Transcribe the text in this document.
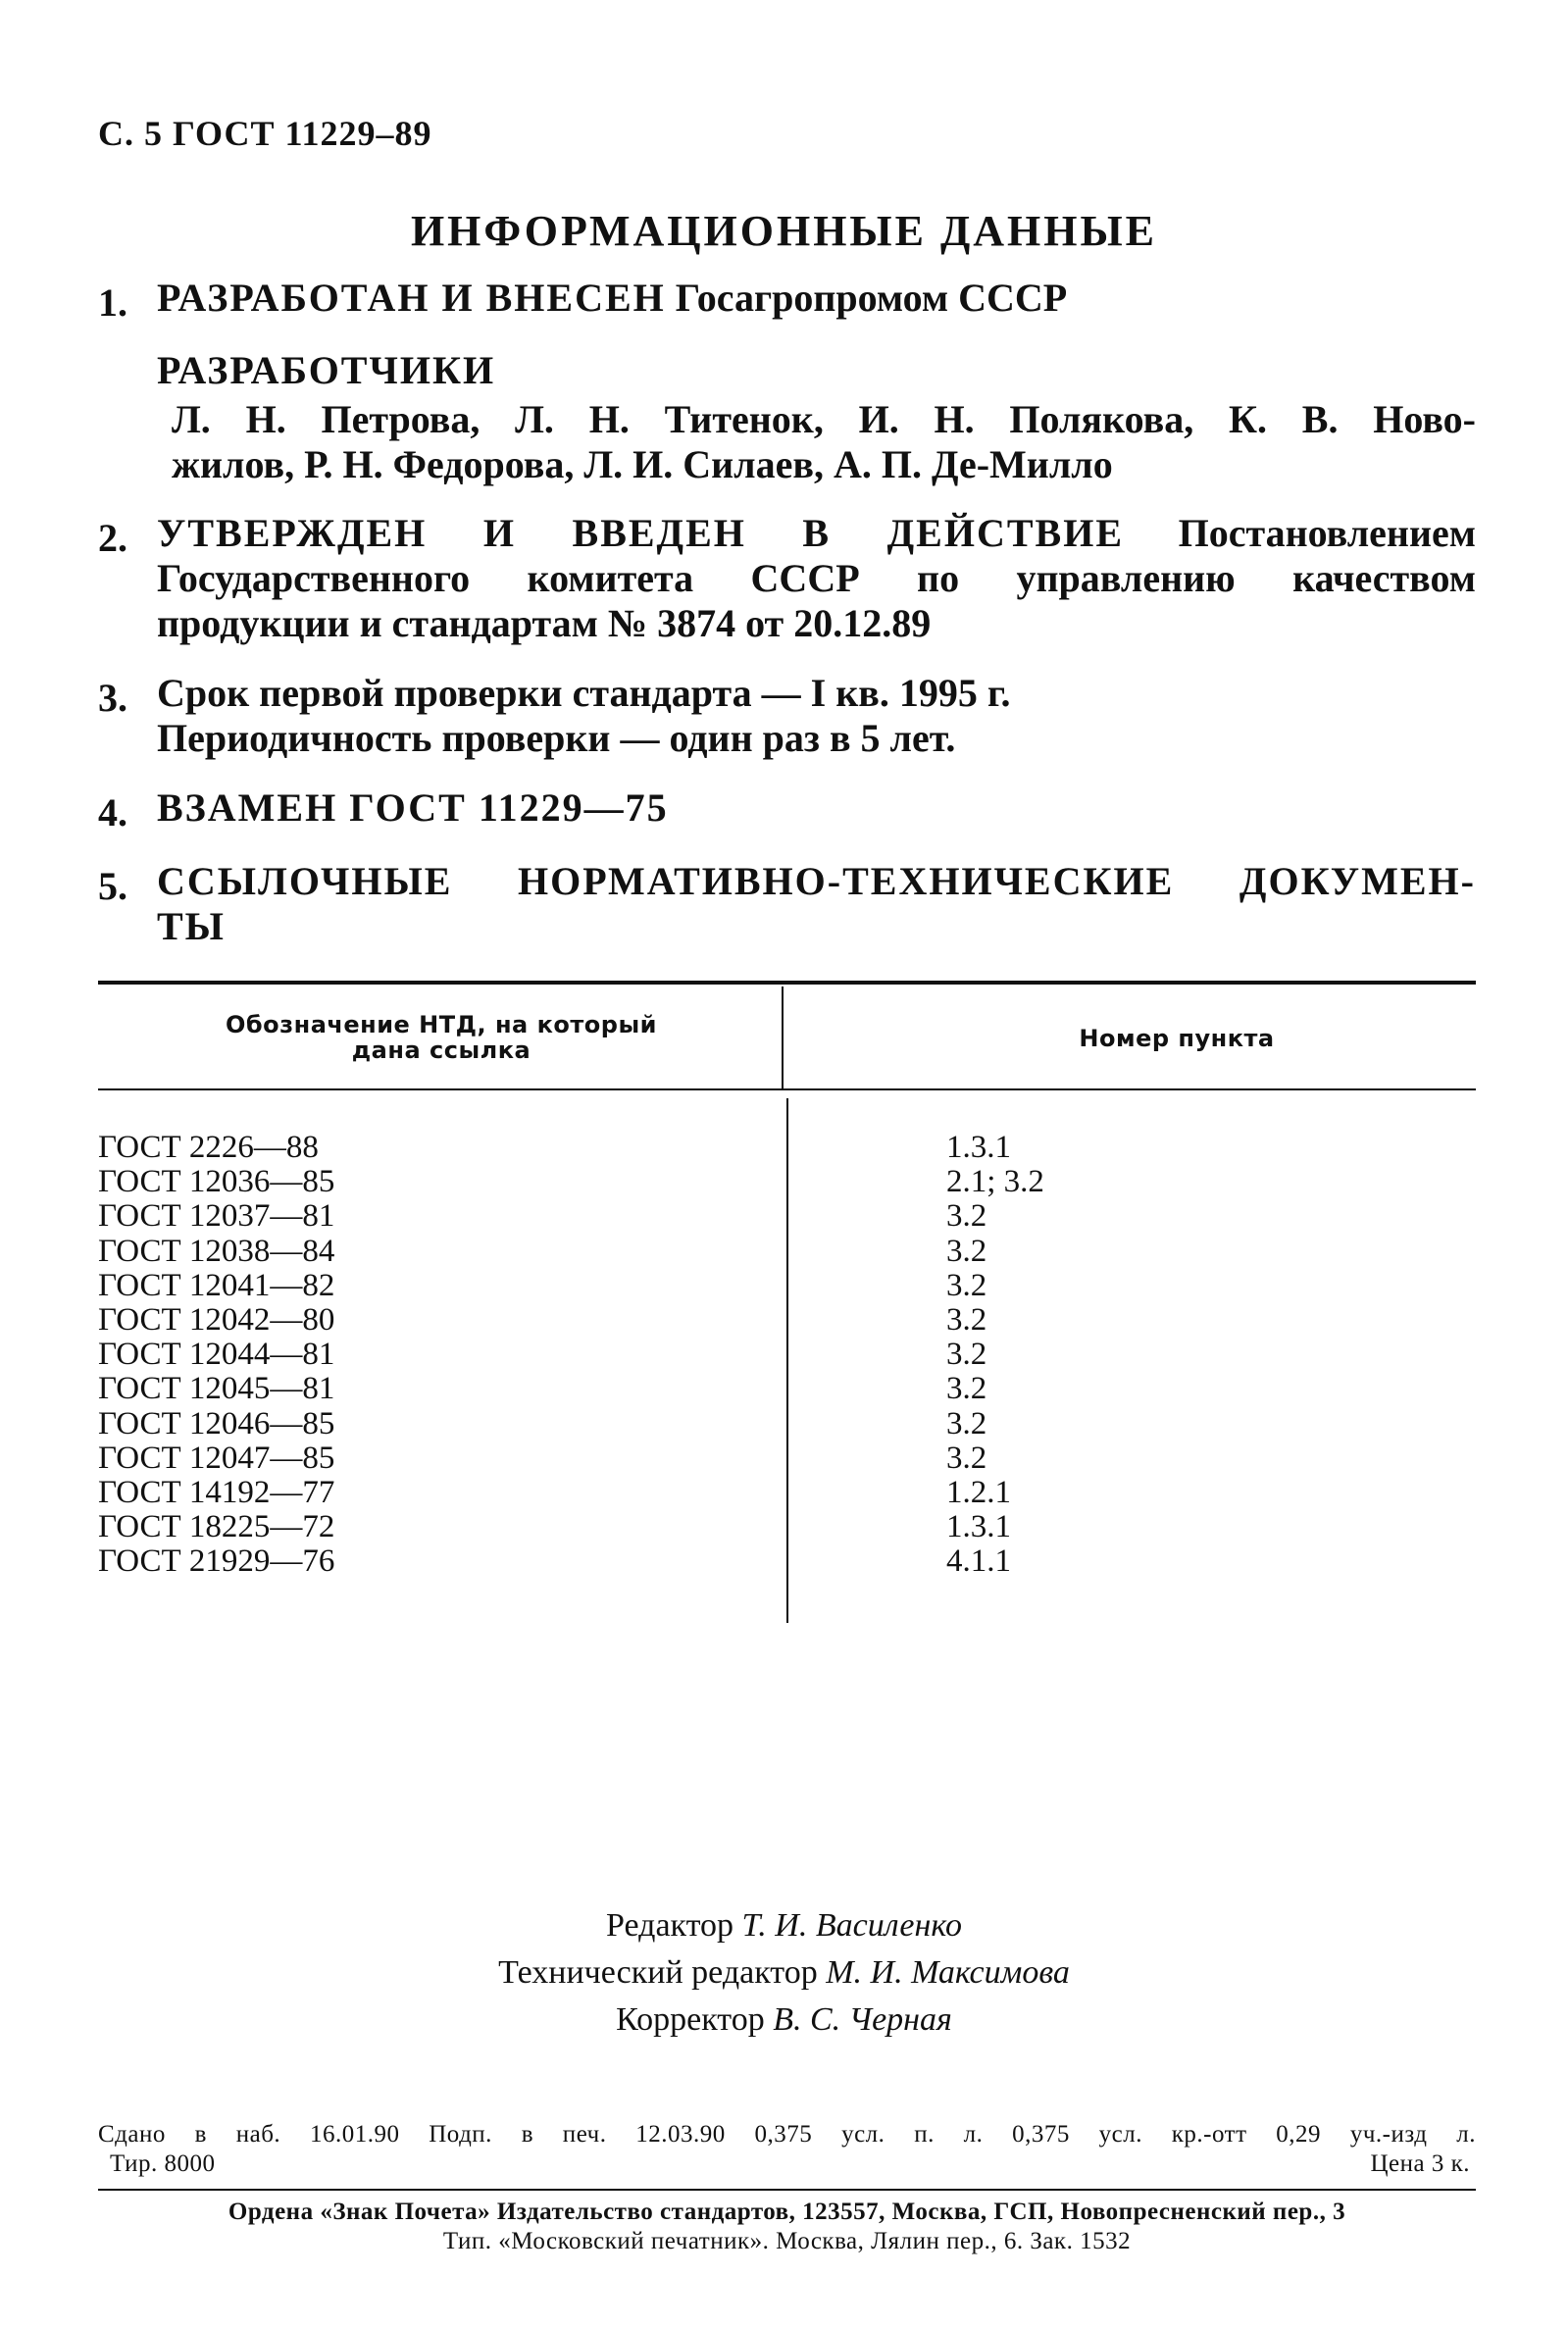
С. 5 ГОСТ 11229–89
ИНФОРМАЦИОННЫЕ ДАННЫЕ
1. РАЗРАБОТАН И ВНЕСЕН Госагропромом СССР
РАЗРАБОТЧИКИ
Л. Н. Петрова, Л. Н. Титенок, И. Н. Полякова, К. В. Ново-
жилов, Р. Н. Федорова, Л. И. Силаев, А. П. Де-Милло
2. УТВЕРЖДЕН И ВВЕДЕН В ДЕЙСТВИЕ Постановлением
Государственного комитета СССР по управлению качеством
продукции и стандартам № 3874 от 20.12.89
3. Срок первой проверки стандарта — I кв. 1995 г.
Периодичность проверки — один раз в 5 лет.
4. ВЗАМЕН ГОСТ 11229—75
5. ССЫЛОЧНЫЕ НОРМАТИВНО-ТЕХНИЧЕСКИЕ ДОКУМЕН-
ТЫ
Обозначение НТД, на который
дана ссылка	Номер пункта
ГОСТ 2226—88	1.3.1
ГОСТ 12036—85	2.1; 3.2
ГОСТ 12037—81	3.2
ГОСТ 12038—84	3.2
ГОСТ 12041—82	3.2
ГОСТ 12042—80	3.2
ГОСТ 12044—81	3.2
ГОСТ 12045—81	3.2
ГОСТ 12046—85	3.2
ГОСТ 12047—85	3.2
ГОСТ 14192—77	1.2.1
ГОСТ 18225—72	1.3.1
ГОСТ 21929—76	4.1.1
Редактор Т. И. Василенко
Технический редактор М. И. Максимова
Корректор В. С. Черная
Сдано в наб. 16.01.90 Подп. в печ. 12.03.90 0,375 усл. п. л. 0,375 усл. кр.-отт 0,29 уч.-изд л.
Тир. 8000	Цена 3 к.
Ордена «Знак Почета» Издательство стандартов, 123557, Москва, ГСП, Новопресненский пер., 3
Тип. «Московский печатник». Москва, Лялин пер., 6. Зак. 1532
